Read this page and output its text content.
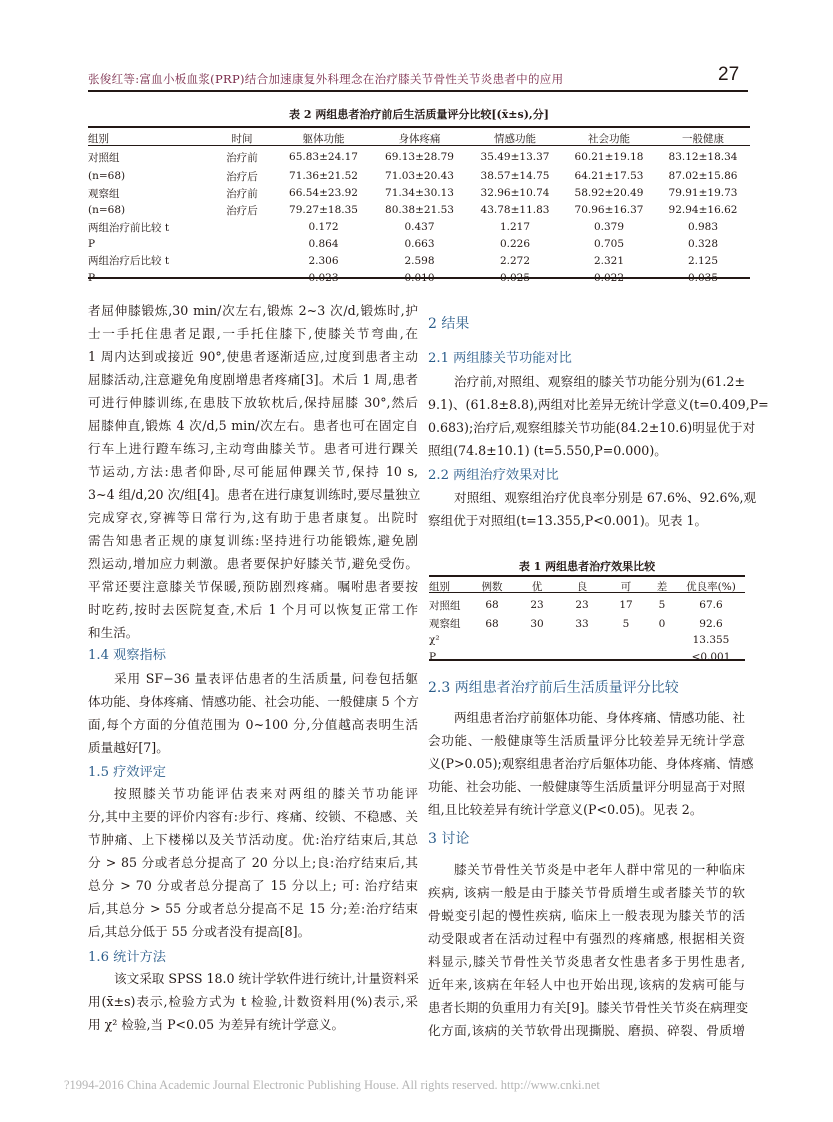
张俊红等:富血小板血浆(PRP)结合加速康复外科理念在治疗膝关节骨性关节炎患者中的应用	27
表 2 两组患者治疗前后生活质量评分比较[(x̄±s),分]
组别	时间	躯体功能	身体疼痛	情感功能	社会功能	一般健康
对照组	治疗前	65.83±24.17	69.13±28.79	35.49±13.37	60.21±19.18	83.12±18.34
(n=68)	治疗后	71.36±21.52	71.03±20.43	38.57±14.75	64.21±17.53	87.02±15.86
观察组	治疗前	66.54±23.92	71.34±30.13	32.96±10.74	58.92±20.49	79.91±19.73
(n=68)	治疗后	79.27±18.35	80.38±21.53	43.78±11.83	70.96±16.37	92.94±16.62
两组治疗前比较 t		0.172	0.437	1.217	0.379	0.983
P		0.864	0.663	0.226	0.705	0.328
两组治疗后比较 t		2.306	2.598	2.272	2.321	2.125
P		0.023	0.010	0.025	0.022	0.035
者屈伸膝锻炼,30 min/次左右,锻炼 2~3 次/d,锻炼时,护
士一手托住患者足跟,一手托住膝下,使膝关节弯曲,在
1 周内达到或接近 90°,使患者逐渐适应,过度到患者主动
屈膝活动,注意避免角度剧增患者疼痛[3]。术后 1 周,患者
可进行伸膝训练,在患肢下放软枕后,保持屈膝 30°,然后
屈膝伸直,锻炼 4 次/d,5 min/次左右。患者也可在固定自
行车上进行蹬车练习,主动弯曲膝关节。患者可进行踝关
节运动,方法:患者仰卧,尽可能屈伸踝关节,保持 10 s,
3~4 组/d,20 次/组[4]。患者在进行康复训练时,要尽量独立
完成穿衣,穿裤等日常行为,这有助于患者康复。出院时
需告知患者正规的康复训练:坚持进行功能锻炼,避免剧
烈运动,增加应力刺激。患者要保护好膝关节,避免受伤。
平常还要注意膝关节保暖,预防剧烈疼痛。嘱咐患者要按
时吃药,按时去医院复查,术后 1 个月可以恢复正常工作
和生活。
1.4 观察指标
采用 SF−36 量表评估患者的生活质量, 问卷包括躯
体功能、身体疼痛、情感功能、社会功能、一般健康 5 个方
面,每个方面的分值范围为 0~100 分,分值越高表明生活
质量越好[7]。
1.5 疗效评定
按照膝关节功能评估表来对两组的膝关节功能评
分,其中主要的评价内容有:步行、疼痛、绞锁、不稳感、关
节肿痛、上下楼梯以及关节活动度。优:治疗结束后,其总
分 > 85 分或者总分提高了 20 分以上;良:治疗结束后,其
总分 > 70 分或者总分提高了 15 分以上; 可: 治疗结束
后,其总分 > 55 分或者总分提高不足 15 分;差:治疗结束
后,其总分低于 55 分或者没有提高[8]。
1.6 统计方法
该文采取 SPSS 18.0 统计学软件进行统计,计量资料采
用(x̄±s)表示,检验方式为 t 检验,计数资料用(%)表示,采
用 χ² 检验,当 P<0.05 为差异有统计学意义。
2 结果
2.1 两组膝关节功能对比
治疗前,对照组、观察组的膝关节功能分别为(61.2±
9.1)、(61.8±8.8),两组对比差异无统计学意义(t=0.409,P=
0.683);治疗后,观察组膝关节功能(84.2±10.6)明显优于对
照组(74.8±10.1) (t=5.550,P=0.000)。
2.2 两组治疗效果对比
对照组、观察组治疗优良率分别是 67.6%、92.6%,观
察组优于对照组(t=13.355,P<0.001)。见表 1。
表 1 两组患者治疗效果比较
组别	例数	优	良	可	差	优良率(%)
对照组	68	23	23	17	5	67.6
观察组	68	30	33	5	0	92.6
χ²						13.355
P						<0.001
2.3 两组患者治疗前后生活质量评分比较
两组患者治疗前躯体功能、身体疼痛、情感功能、社
会功能、一般健康等生活质量评分比较差异无统计学意
义(P>0.05);观察组患者治疗后躯体功能、身体疼痛、情感
功能、社会功能、一般健康等生活质量评分明显高于对照
组,且比较差异有统计学意义(P<0.05)。见表 2。
3 讨论
膝关节骨性关节炎是中老年人群中常见的一种临床
疾病, 该病一般是由于膝关节骨质增生或者膝关节的软
骨蜕变引起的慢性疾病, 临床上一般表现为膝关节的活
动受限或者在活动过程中有强烈的疼痛感, 根据相关资
料显示,膝关节骨性关节炎患者女性患者多于男性患者,
近年来,该病在年轻人中也开始出现,该病的发病可能与
患者长期的负重用力有关[9]。膝关节骨性关节炎在病理变
化方面,该病的关节软骨出现撕脱、磨损、碎裂、骨质增
?1994-2016 China Academic Journal Electronic Publishing House. All rights reserved. http://www.cnki.net
